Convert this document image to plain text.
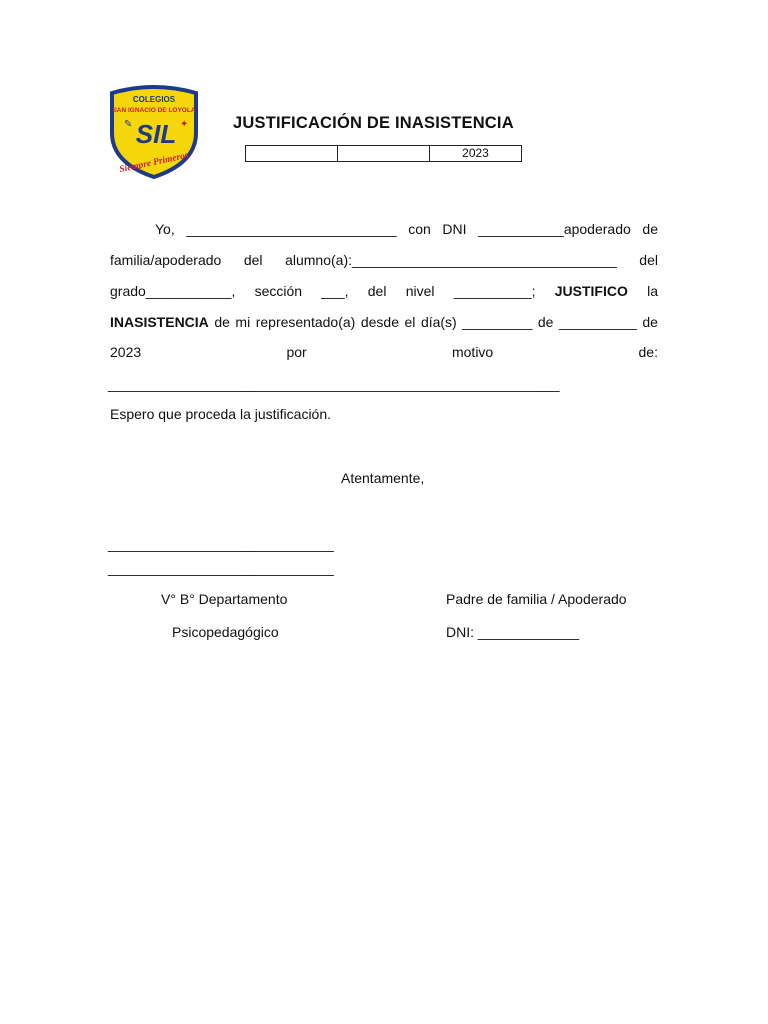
COLEGIOS
SAN IGNACIO DE LOYOLA
SIL
✎	✦
Siempre Primeros
JUSTIFICACIÓN DE INASISTENCIA
		2023
Yo, ___________________________ con DNI ___________apoderado de
familia/apoderado del alumno(a):__________________________________ del
grado___________, sección ___, del nivel __________; JUSTIFICO la
INASISTENCIA de mi representado(a) desde el día(s) _________ de __________ de
2023	por	motivo	de:
__________________________________________________________
Espero que proceda la justificación.
Atentamente,
_____________________________
_____________________________
V° B° Departamento
Psicopedagógico
Padre de familia / Apoderado
DNI: _____________
